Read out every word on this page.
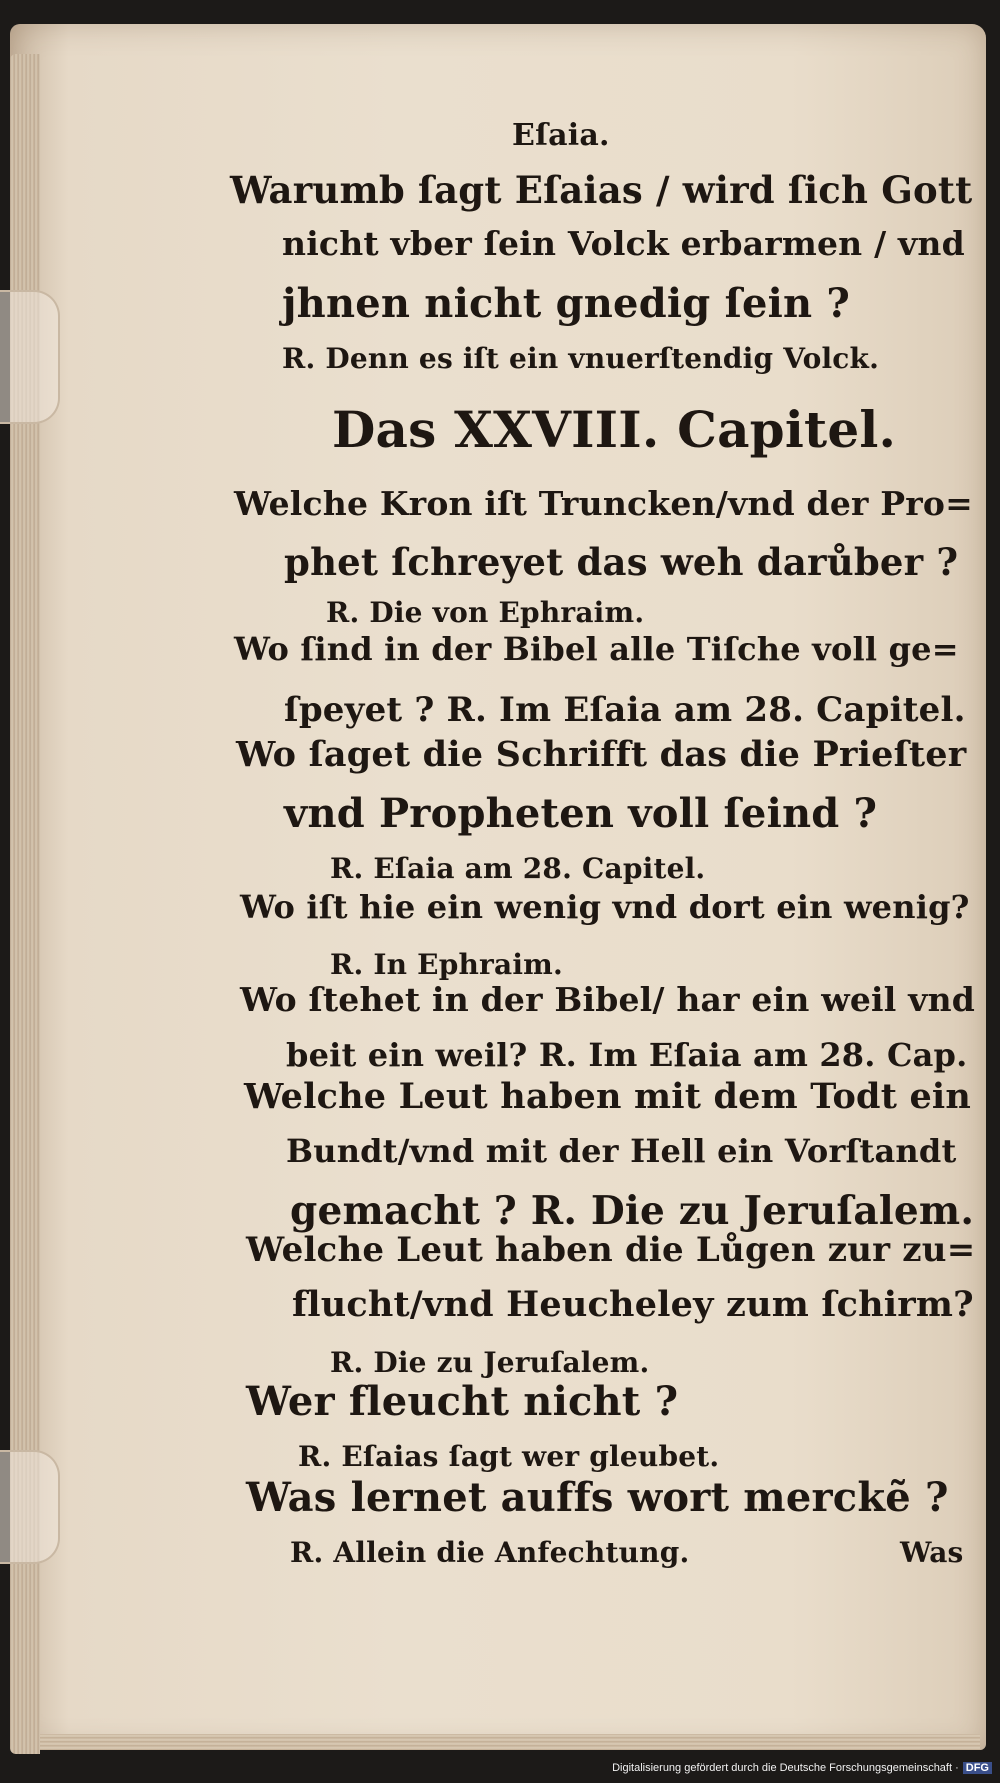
Eſaia.
Warumb ſagt Eſaias / wird ſich Gott
nicht vber ſein Volck erbarmen / vnd
jhnen nicht gnedig ſein ?
R. Denn es iſt ein vnuerſtendig Volck.
Das XXVIII. Capitel.
Welche Kron iſt Truncken/vnd der Pro=
phet ſchreyet das weh darůber ?
R. Die von Ephraim.
Wo ſind in der Bibel alle Tiſche voll ge=
ſpeyet ? R. Im Eſaia am 28. Capitel.
Wo ſaget die Schrifft das die Prieſter
vnd Propheten voll ſeind ?
R. Eſaia am 28. Capitel.
Wo iſt hie ein wenig vnd dort ein wenig?
R. In Ephraim.
Wo ſtehet in der Bibel/ har ein weil vnd
beit ein weil? R. Im Eſaia am 28. Cap.
Welche Leut haben mit dem Todt ein
Bundt/vnd mit der Hell ein Vorſtandt
gemacht ? R. Die zu Jeruſalem.
Welche Leut haben die Lůgen zur zu=
flucht/vnd Heucheley zum ſchirm?
R. Die zu Jeruſalem.
Wer fleucht nicht ?
R. Eſaias ſagt wer gleubet.
Was lernet auffs wort merckẽ ?
R. Allein die Anfechtung.	Was
Digitalisierung gefördert durch die Deutsche Forschungsgemeinschaft · DFG
